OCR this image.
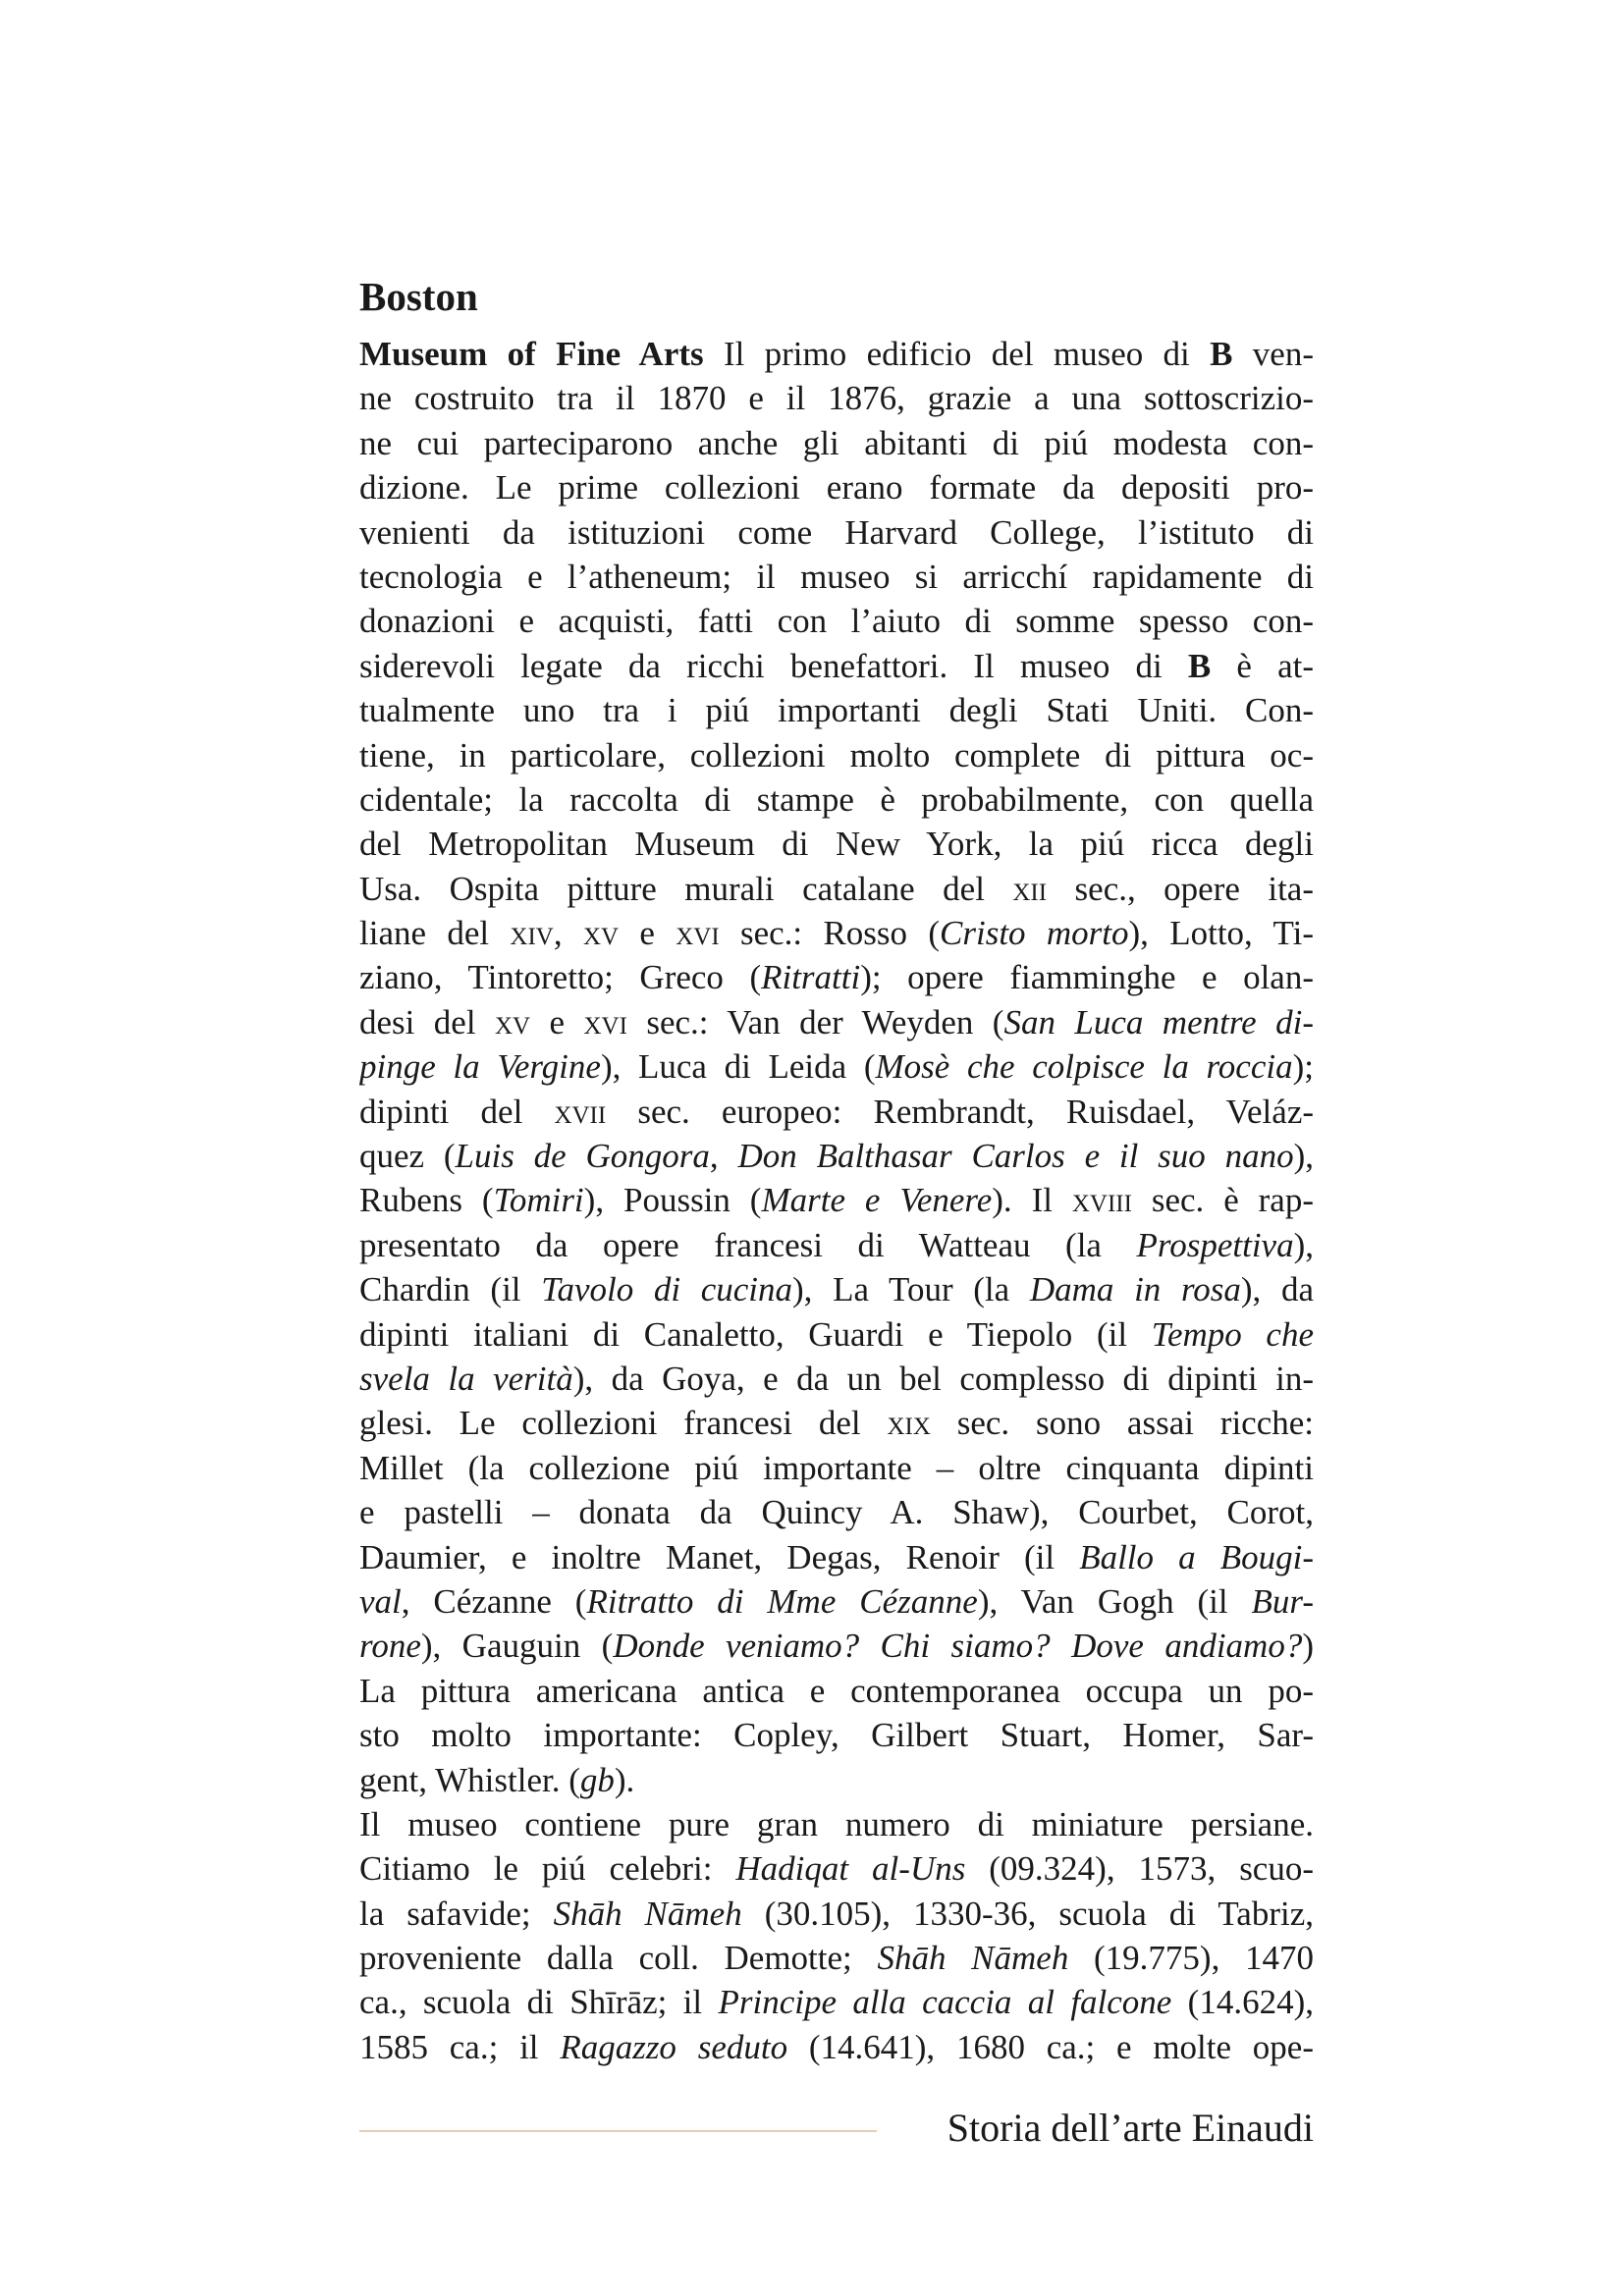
Boston
Museum of Fine Arts Il primo edificio del museo di B ven-
ne costruito tra il 1870 e il 1876, grazie a una sottoscrizio-
ne cui parteciparono anche gli abitanti di piú modesta con-
dizione. Le prime collezioni erano formate da depositi pro-
venienti da istituzioni come Harvard College, l’istituto di
tecnologia e l’atheneum; il museo si arricchí rapidamente di
donazioni e acquisti, fatti con l’aiuto di somme spesso con-
siderevoli legate da ricchi benefattori. Il museo di B è at-
tualmente uno tra i piú importanti degli Stati Uniti. Con-
tiene, in particolare, collezioni molto complete di pittura oc-
cidentale; la raccolta di stampe è probabilmente, con quella
del Metropolitan Museum di New York, la piú ricca degli
Usa. Ospita pitture murali catalane del xii sec., opere ita-
liane del xiv, xv e xvi sec.: Rosso (Cristo morto), Lotto, Ti-
ziano, Tintoretto; Greco (Ritratti); opere fiamminghe e olan-
desi del xv e xvi sec.: Van der Weyden (San Luca mentre di-
pinge la Vergine), Luca di Leida (Mosè che colpisce la roccia);
dipinti del xvii sec. europeo: Rembrandt, Ruisdael, Veláz-
quez (Luis de Gongora, Don Balthasar Carlos e il suo nano),
Rubens (Tomiri), Poussin (Marte e Venere). Il xviii sec. è rap-
presentato da opere francesi di Watteau (la Prospettiva),
Chardin (il Tavolo di cucina), La Tour (la Dama in rosa), da
dipinti italiani di Canaletto, Guardi e Tiepolo (il Tempo che
svela la verità), da Goya, e da un bel complesso di dipinti in-
glesi. Le collezioni francesi del xix sec. sono assai ricche:
Millet (la collezione piú importante – oltre cinquanta dipinti
e pastelli – donata da Quincy A. Shaw), Courbet, Corot,
Daumier, e inoltre Manet, Degas, Renoir (il Ballo a Bougi-
val, Cézanne (Ritratto di Mme Cézanne), Van Gogh (il Bur-
rone), Gauguin (Donde veniamo? Chi siamo? Dove andiamo?)
La pittura americana antica e contemporanea occupa un po-
sto molto importante: Copley, Gilbert Stuart, Homer, Sar-
gent, Whistler. (gb).
Il museo contiene pure gran numero di miniature persiane.
Citiamo le piú celebri: Hadiqat al-Uns (09.324), 1573, scuo-
la safavide; Shāh Nāmeh (30.105), 1330-36, scuola di Tabriz,
proveniente dalla coll. Demotte; Shāh Nāmeh (19.775), 1470
ca., scuola di Shīrāz; il Principe alla caccia al falcone (14.624),
1585 ca.; il Ragazzo seduto (14.641), 1680 ca.; e molte ope-
Storia dell’arte Einaudi
